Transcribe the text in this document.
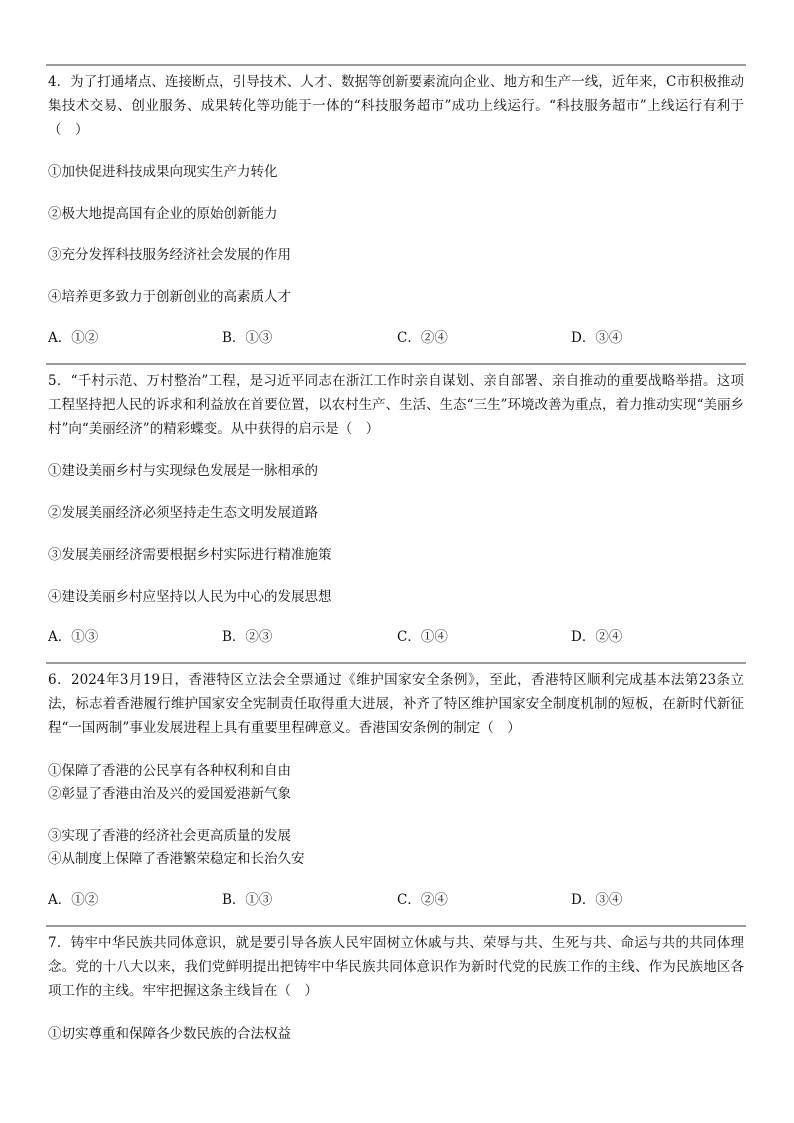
4．为了打通堵点、连接断点，引导技术、人才、数据等创新要素流向企业、地方和生产一线，近年来，C市积极推动集技术交易、创业服务、成果转化等功能于一体的“科技服务超市”成功上线运行。“科技服务超市”上线运行有利于（　）
①加快促进科技成果向现实生产力转化
②极大地提高国有企业的原始创新能力
③充分发挥科技服务经济社会发展的作用
④培养更多致力于创新创业的高素质人才
A．①②	B．①③	C．②④	D．③④
5．“千村示范、万村整治”工程，是习近平同志在浙江工作时亲自谋划、亲自部署、亲自推动的重要战略举措。这项工程坚持把人民的诉求和利益放在首要位置，以农村生产、生活、生态“三生”环境改善为重点，着力推动实现“美丽乡村”向“美丽经济”的精彩蝶变。从中获得的启示是（　）
①建设美丽乡村与实现绿色发展是一脉相承的
②发展美丽经济必须坚持走生态文明发展道路
③发展美丽经济需要根据乡村实际进行精准施策
④建设美丽乡村应坚持以人民为中心的发展思想
A．①③	B．②③	C．①④	D．②④
6．2024年3月19日，香港特区立法会全票通过《维护国家安全条例》，至此，香港特区顺利完成基本法第23条立法，标志着香港履行维护国家安全宪制责任取得重大进展，补齐了特区维护国家安全制度机制的短板，在新时代新征程“一国两制”事业发展进程上具有重要里程碑意义。香港国安条例的制定（　）
①保障了香港的公民享有各种权利和自由
②彰显了香港由治及兴的爱国爱港新气象
③实现了香港的经济社会更高质量的发展
④从制度上保障了香港繁荣稳定和长治久安
A．①②	B．①③	C．②④	D．③④
7．铸牢中华民族共同体意识，就是要引导各族人民牢固树立休戚与共、荣辱与共、生死与共、命运与共的共同体理念。党的十八大以来，我们党鲜明提出把铸牢中华民族共同体意识作为新时代党的民族工作的主线、作为民族地区各项工作的主线。牢牢把握这条主线旨在（　）
①切实尊重和保障各少数民族的合法权益
